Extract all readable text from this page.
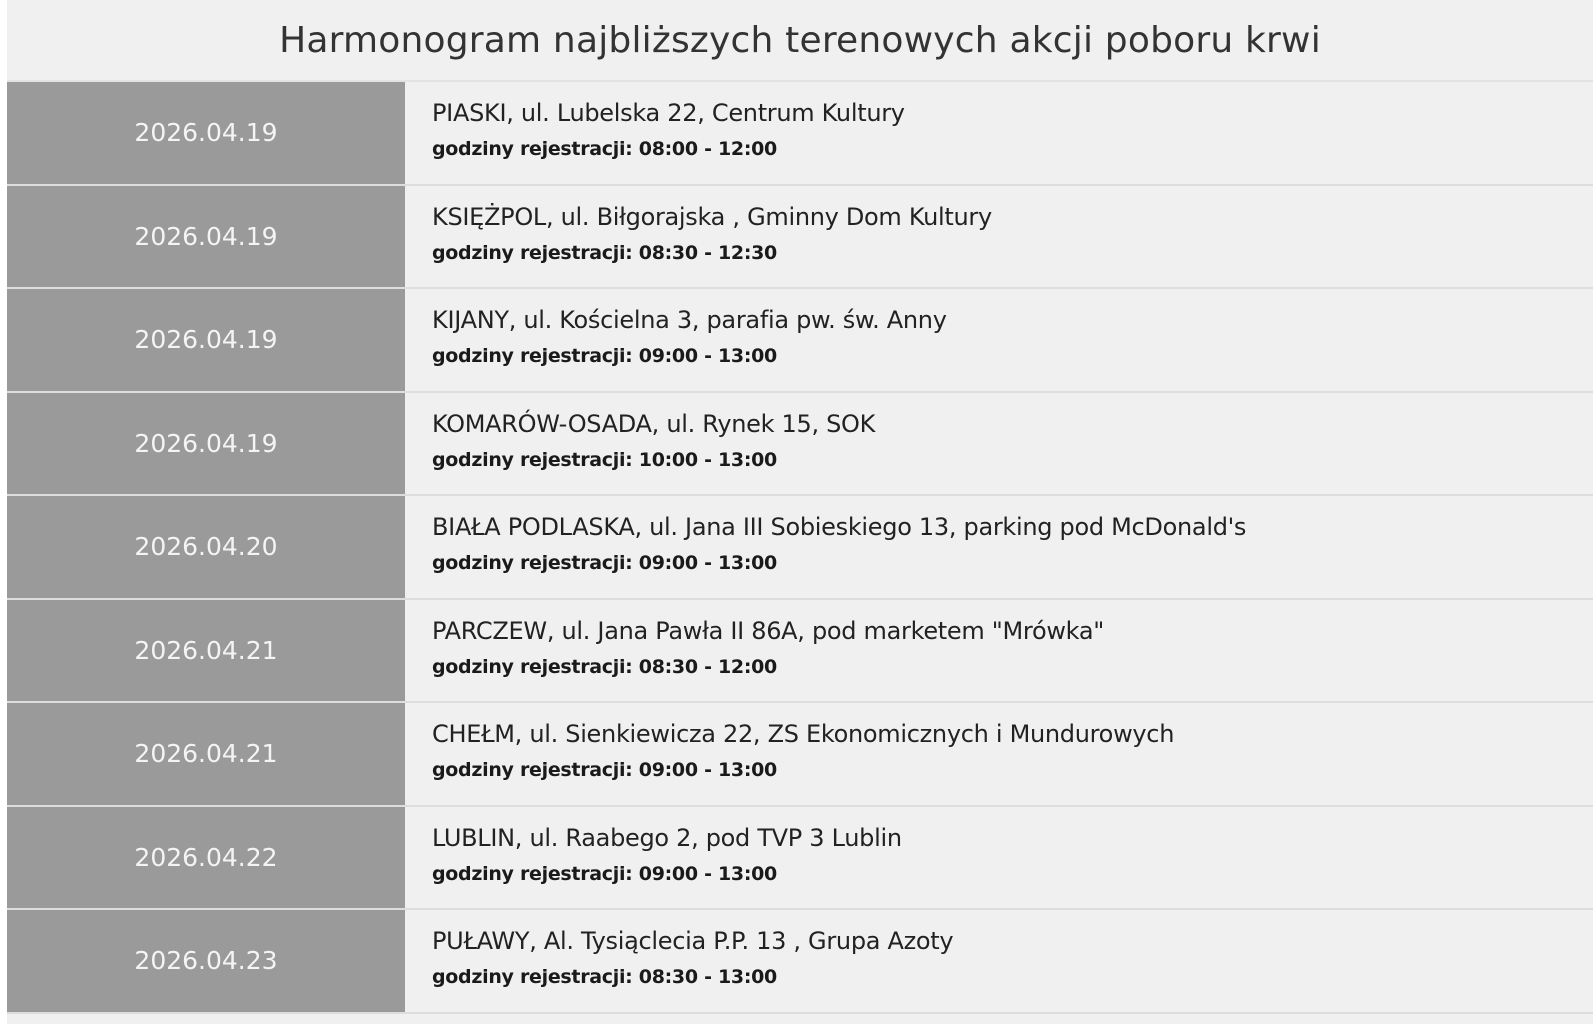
Harmonogram najbliższych terenowych akcji poboru krwi
2026.04.19
PIASKI, ul. Lubelska 22, Centrum Kultury
godziny rejestracji: 08:00 - 12:00
2026.04.19
KSIĘŻPOL, ul. Biłgorajska , Gminny Dom Kultury
godziny rejestracji: 08:30 - 12:30
2026.04.19
KIJANY, ul. Kościelna 3, parafia pw. św. Anny
godziny rejestracji: 09:00 - 13:00
2026.04.19
KOMARÓW-OSADA, ul. Rynek 15, SOK
godziny rejestracji: 10:00 - 13:00
2026.04.20
BIAŁA PODLASKA, ul. Jana III Sobieskiego 13, parking pod McDonald's
godziny rejestracji: 09:00 - 13:00
2026.04.21
PARCZEW, ul. Jana Pawła II 86A, pod marketem "Mrówka"
godziny rejestracji: 08:30 - 12:00
2026.04.21
CHEŁM, ul. Sienkiewicza 22, ZS Ekonomicznych i Mundurowych
godziny rejestracji: 09:00 - 13:00
2026.04.22
LUBLIN, ul. Raabego 2, pod TVP 3 Lublin
godziny rejestracji: 09:00 - 13:00
2026.04.23
PUŁAWY, Al. Tysiąclecia P.P. 13 , Grupa Azoty
godziny rejestracji: 08:30 - 13:00
